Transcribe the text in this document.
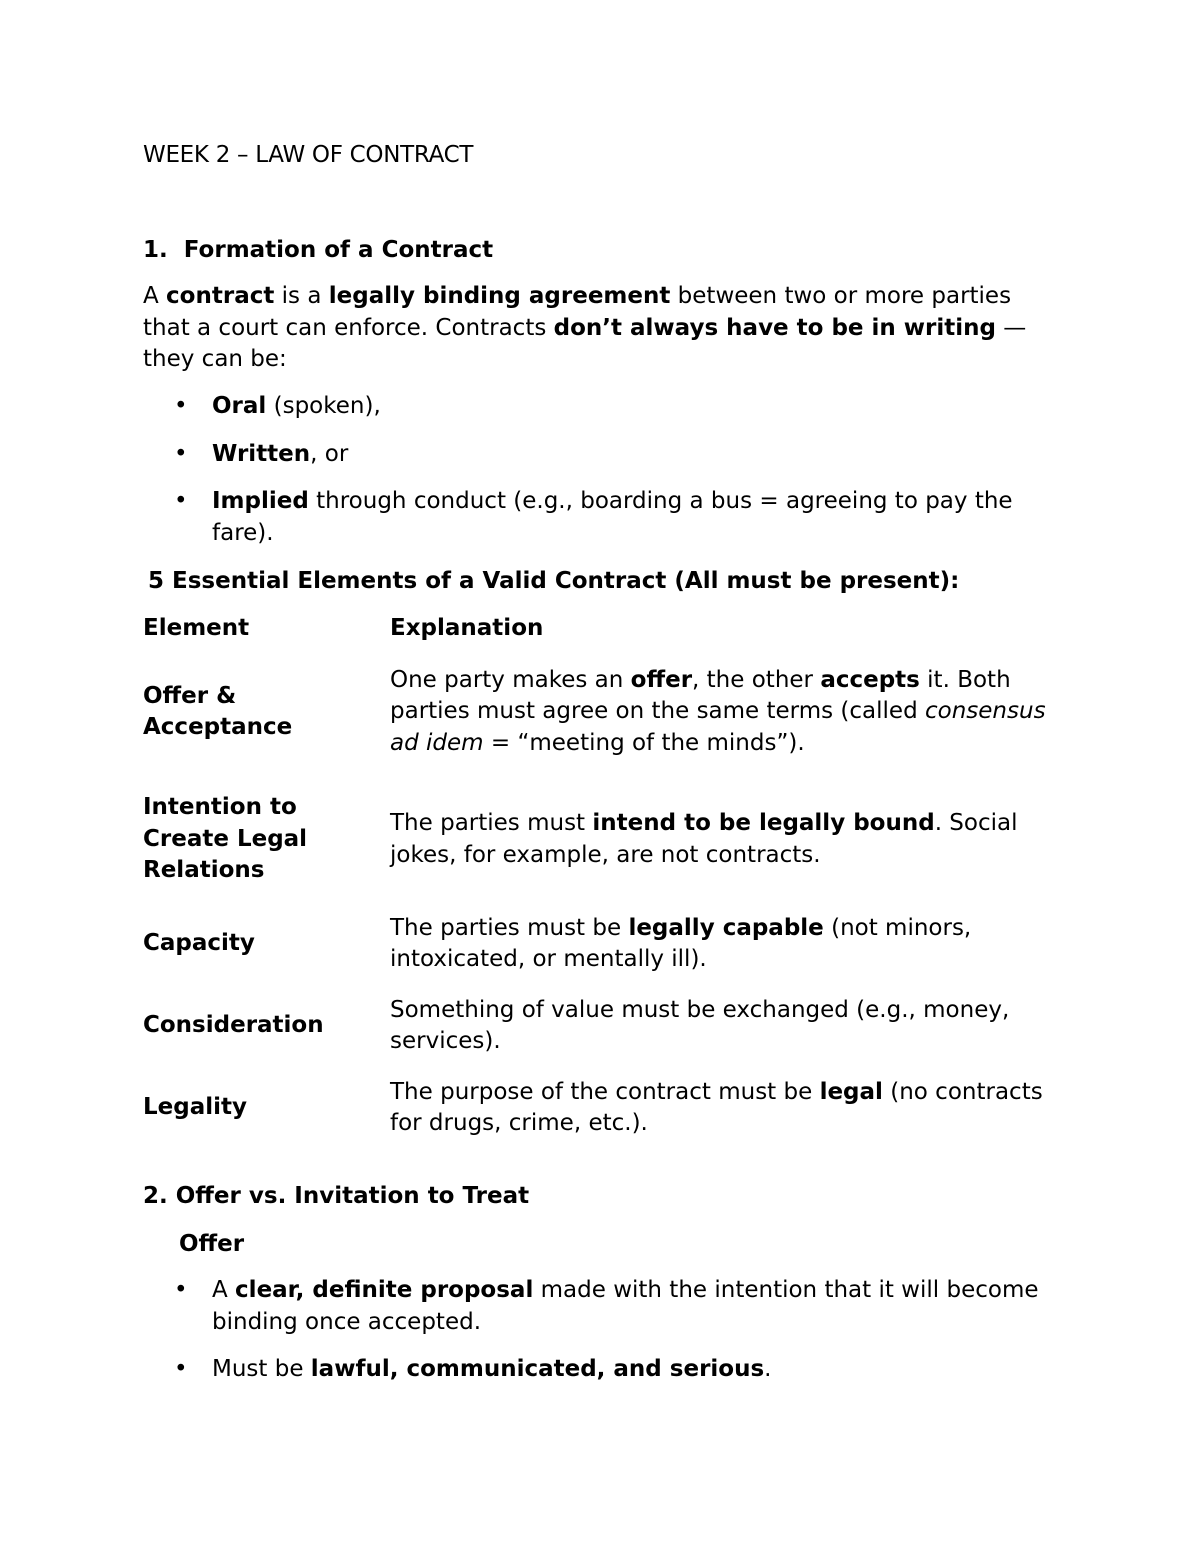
WEEK 2 – LAW OF CONTRACT
1. Formation of a Contract
A contract is a legally binding agreement between two or more parties that a court can enforce. Contracts don’t always have to be in writing — they can be:
• Oral (spoken),
• Written, or
• Implied through conduct (e.g., boarding a bus = agreeing to pay the fare).
5 Essential Elements of a Valid Contract (All must be present):
Element	Explanation
Offer & Acceptance	One party makes an offer, the other accepts it. Both parties must agree on the same terms (called consensus ad idem = “meeting of the minds”).
Intention to Create Legal Relations	The parties must intend to be legally bound. Social jokes, for example, are not contracts.
Capacity	The parties must be legally capable (not minors, intoxicated, or mentally ill).
Consideration	Something of value must be exchanged (e.g., money, services).
Legality	The purpose of the contract must be legal (no contracts for drugs, crime, etc.).
2. Offer vs. Invitation to Treat
Offer
• A clear, definite proposal made with the intention that it will become binding once accepted.
• Must be lawful, communicated, and serious.
